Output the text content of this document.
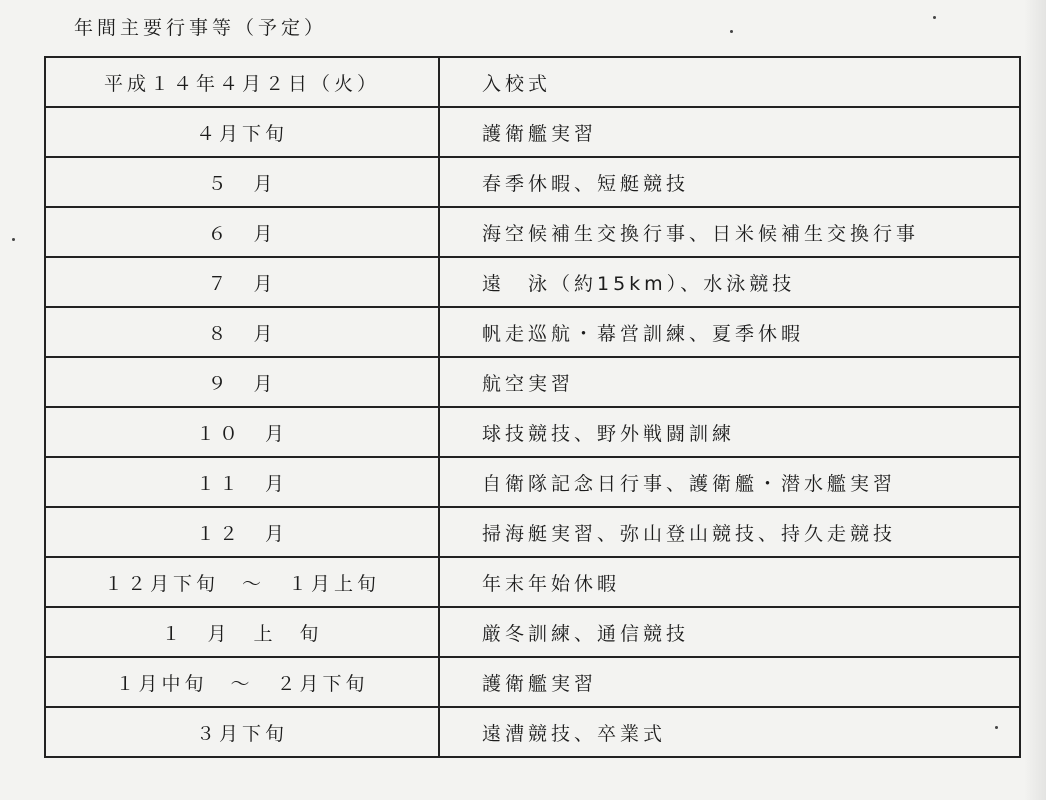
年間主要行事等（予定）
平成１４年４月２日（火）	入校式
４月下旬	護衛艦実習
５　月	春季休暇、短艇競技
６　月	海空候補生交換行事、日米候補生交換行事
７　月	遠　泳（約15km）、水泳競技
８　月	帆走巡航・幕営訓練、夏季休暇
９　月	航空実習
１０　月	球技競技、野外戦闘訓練
１１　月	自衛隊記念日行事、護衛艦・潜水艦実習
１２　月	掃海艇実習、弥山登山競技、持久走競技
１２月下旬　～　１月上旬	年末年始休暇
１　月　上　旬	厳冬訓練、通信競技
１月中旬　～　２月下旬	護衛艦実習
３月下旬	遠漕競技、卒業式
